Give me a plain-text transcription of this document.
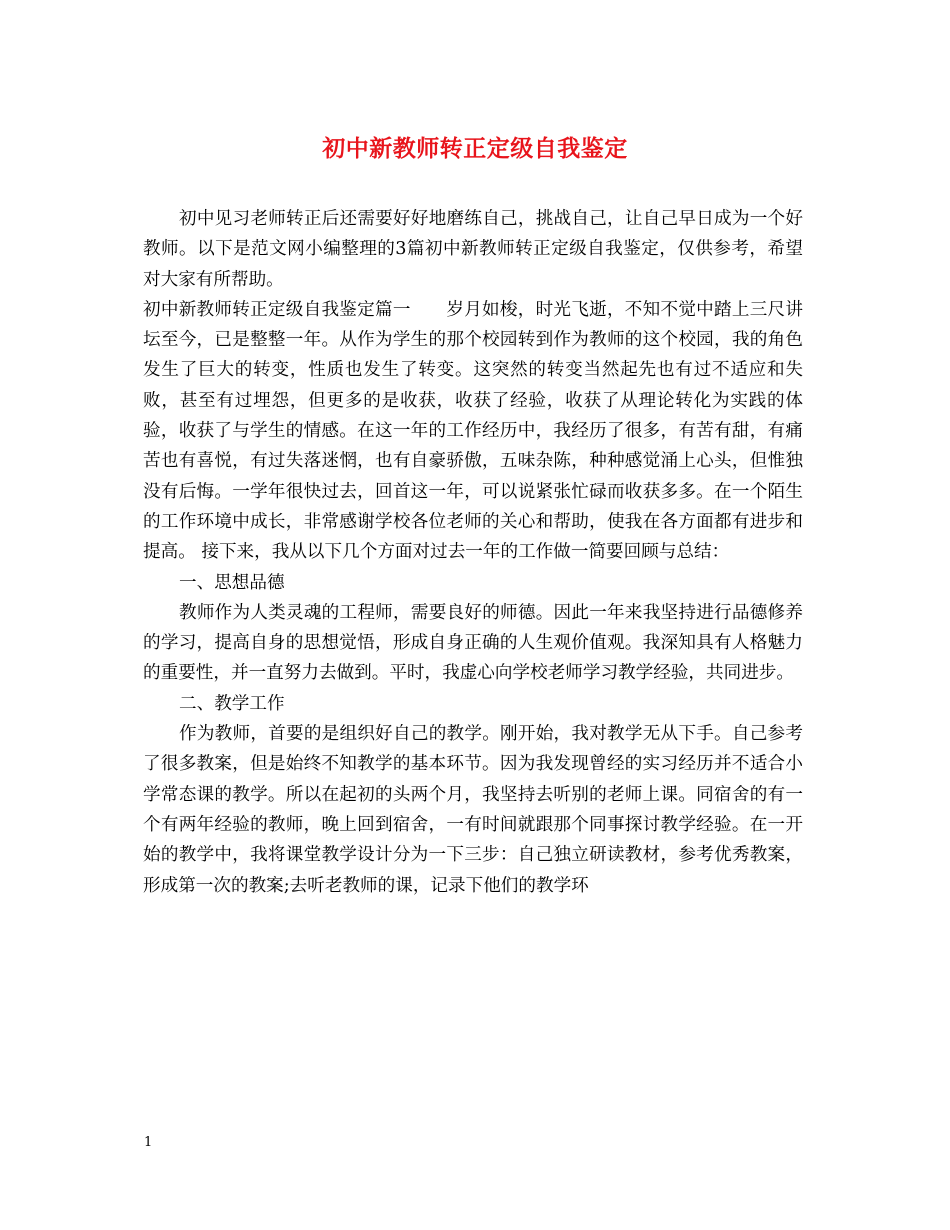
初中新教师转正定级自我鉴定

初中见习老师转正后还需要好好地磨练自己，挑战自己，让自己早日成为一个好教师。以下是范文网小编整理的3篇初中新教师转正定级自我鉴定，仅供参考，希望对大家有所帮助。

初中新教师转正定级自我鉴定篇一　　岁月如梭，时光飞逝，不知不觉中踏上三尺讲坛至今，已是整整一年。从作为学生的那个校园转到作为教师的这个校园，我的角色发生了巨大的转变，性质也发生了转变。这突然的转变当然起先也有过不适应和失败，甚至有过埋怨，但更多的是收获，收获了经验，收获了从理论转化为实践的体验，收获了与学生的情感。在这一年的工作经历中，我经历了很多，有苦有甜，有痛苦也有喜悦，有过失落迷惘，也有自豪骄傲，五味杂陈，种种感觉涌上心头，但惟独没有后悔。一学年很快过去，回首这一年，可以说紧张忙碌而收获多多。在一个陌生的工作环境中成长，非常感谢学校各位老师的关心和帮助，使我在各方面都有进步和提高。 接下来，我从以下几个方面对过去一年的工作做一简要回顾与总结：

一、思想品德

教师作为人类灵魂的工程师，需要良好的师德。因此一年来我坚持进行品德修养的学习，提高自身的思想觉悟，形成自身正确的人生观价值观。我深知具有人格魅力的重要性，并一直努力去做到。平时，我虚心向学校老师学习教学经验，共同进步。

二、教学工作

作为教师，首要的是组织好自己的教学。刚开始，我对教学无从下手。自己参考了很多教案，但是始终不知教学的基本环节。因为我发现曾经的实习经历并不适合小学常态课的教学。所以在起初的头两个月，我坚持去听别的老师上课。同宿舍的有一个有两年经验的教师，晚上回到宿舍，一有时间就跟那个同事探讨教学经验。在一开始的教学中，我将课堂教学设计分为一下三步：自己独立研读教材，参考优秀教案，形成第一次的教案;去听老教师的课，记录下他们的教学环

1
